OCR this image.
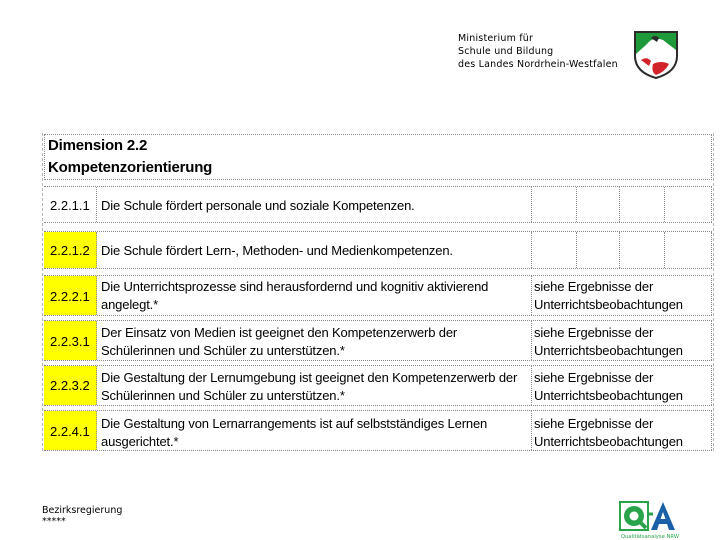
Ministerium für
Schule und Bildung
des Landes Nordrhein-Westfalen
Dimension 2.2
Kompetenzorientierung
2.2.1.1 Die Schule fördert personale und soziale Kompetenzen.
2.2.1.2 Die Schule fördert Lern-, Methoden- und Medienkompetenzen.
2.2.2.1
Die Unterrichtsprozesse sind herausfordernd und kognitiv aktivierend
angelegt.*
siehe Ergebnisse der
Unterrichtsbeobachtungen
2.2.3.1
Der Einsatz von Medien ist geeignet den Kompetenzerwerb der
Schülerinnen und Schüler zu unterstützen.*
siehe Ergebnisse der
Unterrichtsbeobachtungen
2.2.3.2
Die Gestaltung der Lernumgebung ist geeignet den Kompetenzerwerb der
Schülerinnen und Schüler zu unterstützen.*
siehe Ergebnisse der
Unterrichtsbeobachtungen
2.2.4.1
Die Gestaltung von Lernarrangements ist auf selbstständiges Lernen
ausgerichtet.*
siehe Ergebnisse der
Unterrichtsbeobachtungen
Bezirksregierung
*****
Qualitätsanalyse NRW
